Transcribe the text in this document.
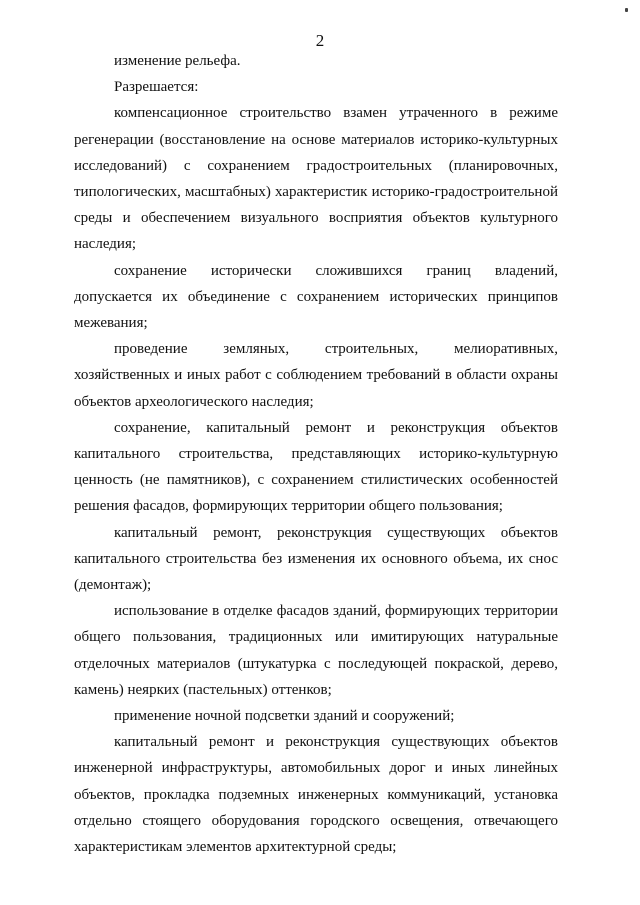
2

изменение рельефа.

Разрешается:

компенсационное строительство взамен утраченного в режиме регенерации (восстановление на основе материалов историко-культурных исследований) с сохранением градостроительных (планировочных, типологических, масштабных) характеристик историко-градостроительной среды и обеспечением визуального восприятия объектов культурного наследия;

сохранение исторически сложившихся границ владений, допускается их объединение с сохранением исторических принципов межевания;

проведение земляных, строительных, мелиоративных, хозяйственных и иных работ с соблюдением требований в области охраны объектов археологического наследия;

сохранение, капитальный ремонт и реконструкция объектов капитального строительства, представляющих историко-культурную ценность (не памятников), с сохранением стилистических особенностей решения фасадов, формирующих территории общего пользования;

капитальный ремонт, реконструкция существующих объектов капитального строительства без изменения их основного объема, их снос (демонтаж);

использование в отделке фасадов зданий, формирующих территории общего пользования, традиционных или имитирующих натуральные отделочных материалов (штукатурка с последующей покраской, дерево, камень) неярких (пастельных) оттенков;

применение ночной подсветки зданий и сооружений;

капитальный ремонт и реконструкция существующих объектов инженерной инфраструктуры, автомобильных дорог и иных линейных объектов, прокладка подземных инженерных коммуникаций, установка отдельно стоящего оборудования городского освещения, отвечающего характеристикам элементов архитектурной среды;
